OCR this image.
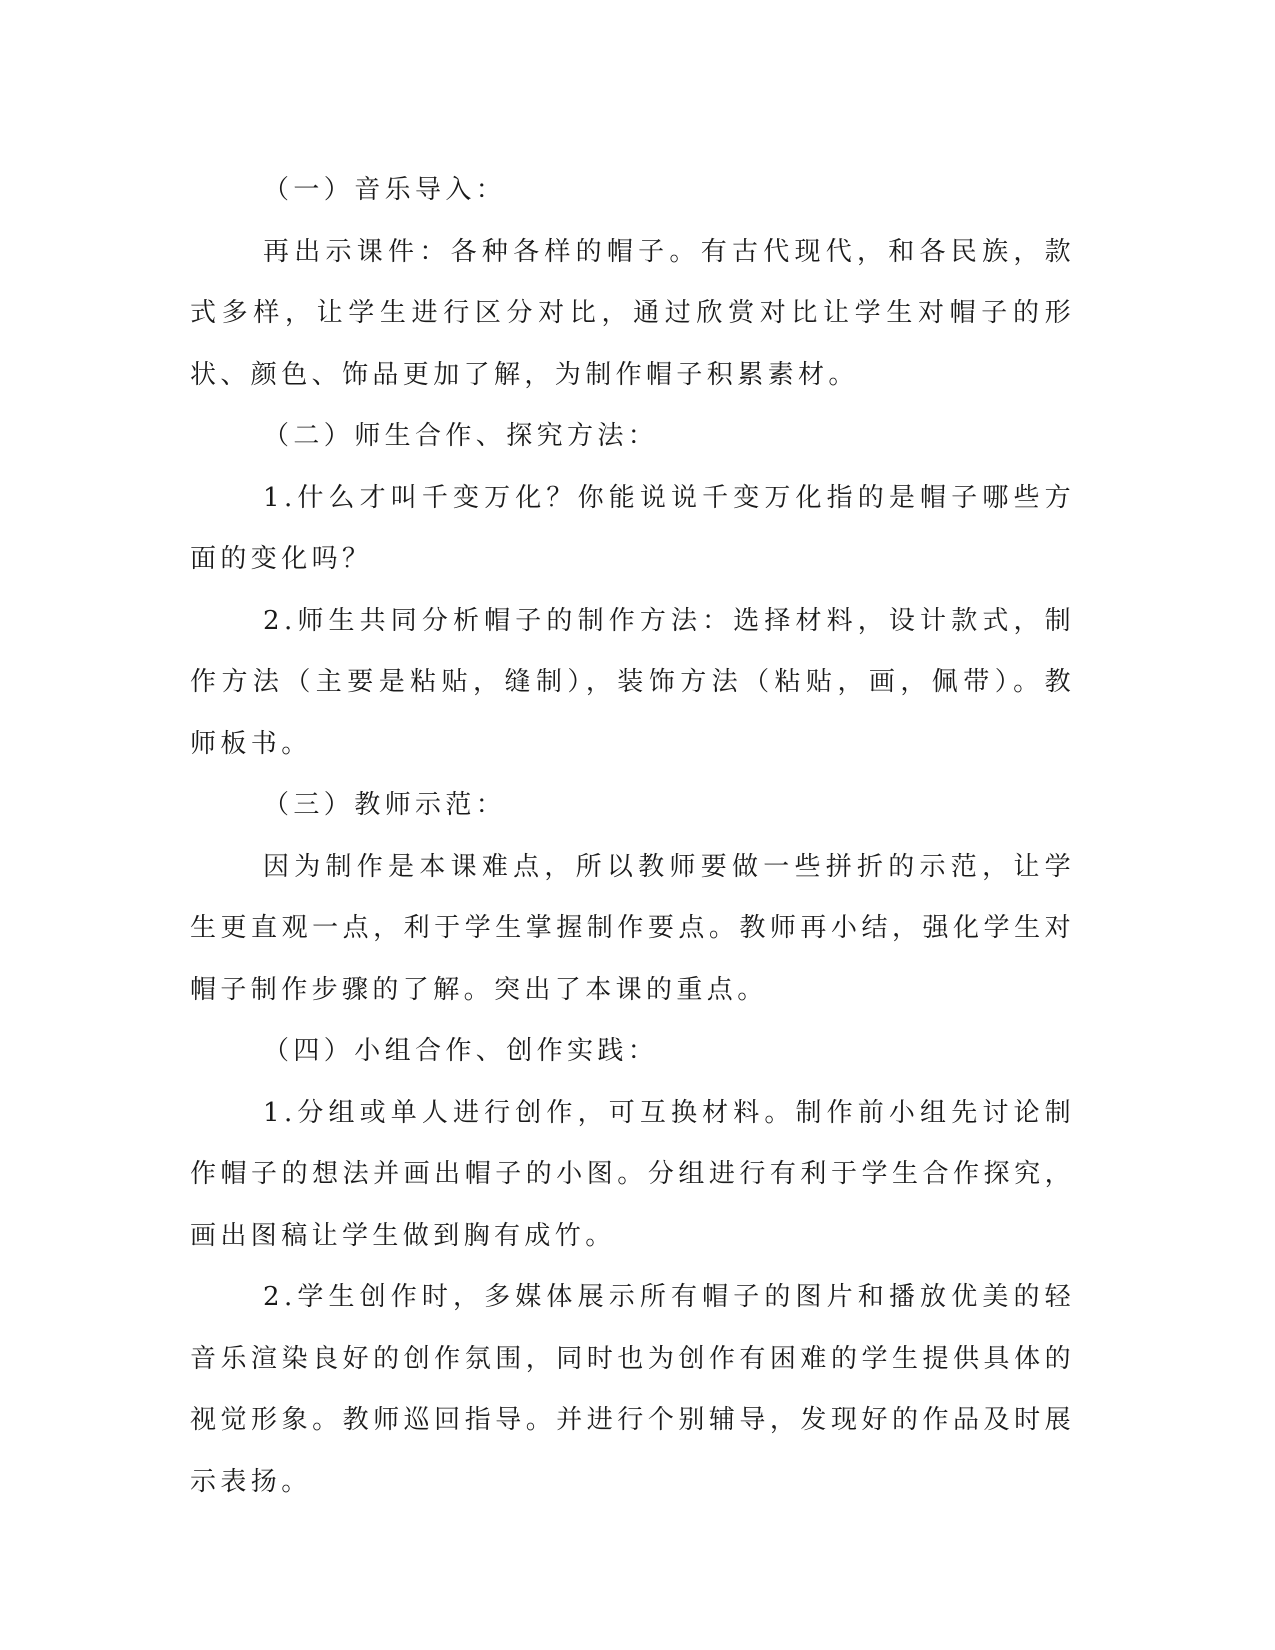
（一）音乐导入：

再出示课件：各种各样的帽子。有古代现代，和各民族，款式多样，让学生进行区分对比，通过欣赏对比让学生对帽子的形状、颜色、饰品更加了解，为制作帽子积累素材。

（二）师生合作、探究方法：

1.什么才叫千变万化？你能说说千变万化指的是帽子哪些方面的变化吗？

2.师生共同分析帽子的制作方法：选择材料，设计款式，制作方法（主要是粘贴，缝制），装饰方法（粘贴，画，佩带）。教师板书。

（三）教师示范：

因为制作是本课难点，所以教师要做一些拼折的示范，让学生更直观一点，利于学生掌握制作要点。教师再小结，强化学生对帽子制作步骤的了解。突出了本课的重点。

（四）小组合作、创作实践：

1.分组或单人进行创作，可互换材料。制作前小组先讨论制作帽子的想法并画出帽子的小图。分组进行有利于学生合作探究，画出图稿让学生做到胸有成竹。

2.学生创作时，多媒体展示所有帽子的图片和播放优美的轻音乐渲染良好的创作氛围，同时也为创作有困难的学生提供具体的视觉形象。教师巡回指导。并进行个别辅导，发现好的作品及时展示表扬。
